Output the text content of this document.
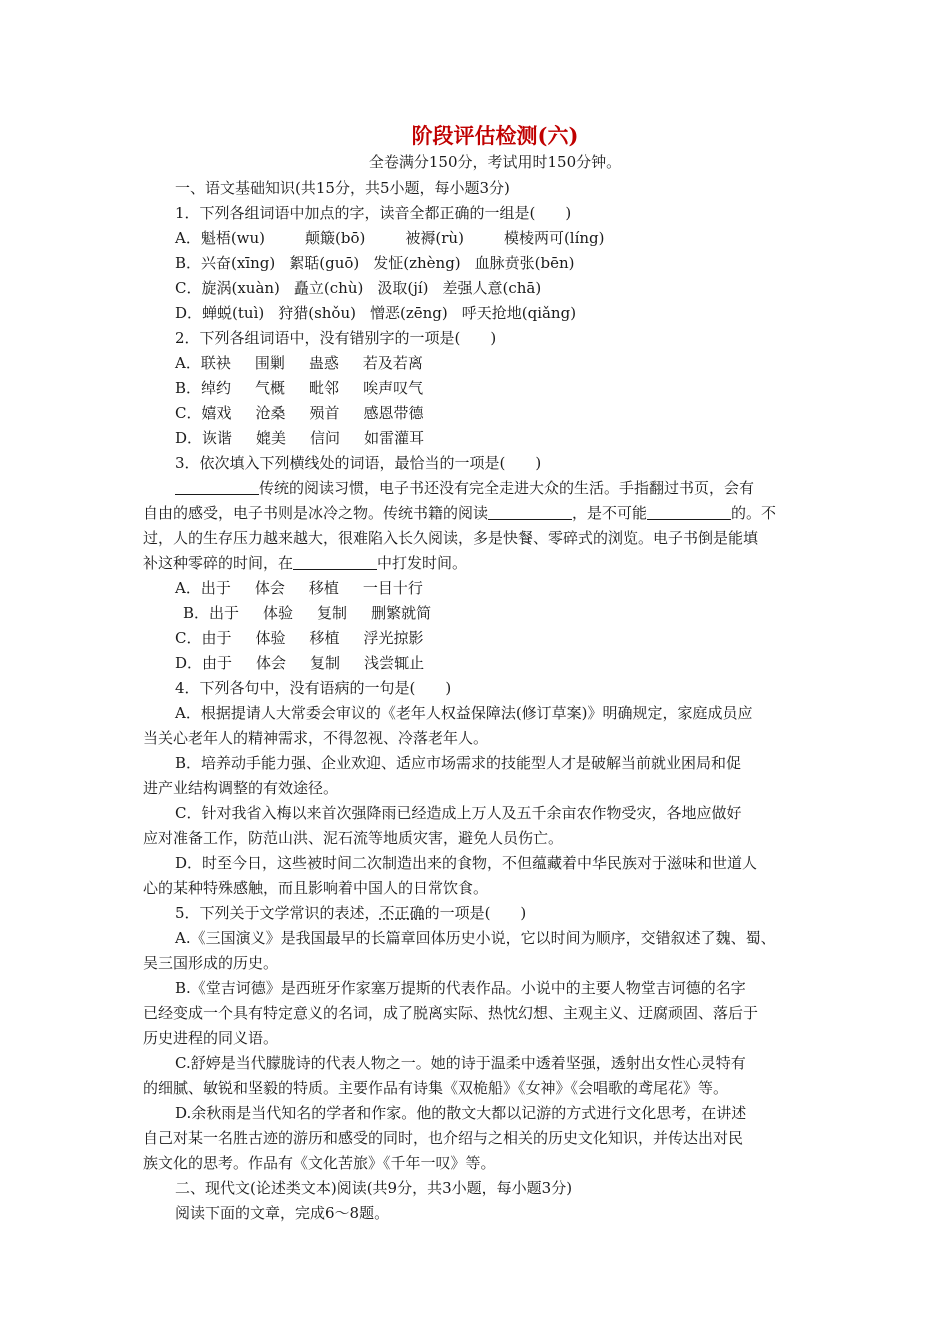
阶段评估检测(六)
全卷满分150分，考试用时150分钟。
一、语文基础知识(共15分，共5小题，每小题3分)
1．下列各组词语中加点的字，读音全都正确的一组是(　　)
A．魁梧(wu)	颠簸(bō)	被褥(rù)	模棱两可(líng)
B．兴奋(xīng) 絮聒(guō) 发怔(zhèng) 血脉贲张(bēn)
C．旋涡(xuàn) 矗立(chù) 汲取(jí) 差强人意(chā)
D．蝉蜕(tuì) 狩猎(shǒu) 憎恶(zēng) 呼天抢地(qiǎng)
2．下列各组词语中，没有错别字的一项是(　　)
A．联袂 围剿 蛊惑 若及若离
B．绰约 气概 毗邻 唉声叹气
C．嬉戏 沧桑 殒首 感恩带德
D．诙谐 媲美 信问 如雷灌耳
3．依次填入下列横线处的词语，最恰当的一项是(　　)
传统的阅读习惯，电子书还没有完全走进大众的生活。手指翻过书页，会有
自由的感受，电子书则是冰冷之物。传统书籍的阅读	，是不可能	的。不
过，人的生存压力越来越大，很难陷入长久阅读，多是快餐、零碎式的浏览。电子书倒是能填
补这种零碎的时间，在	中打发时间。
A．出于 体会 移植 一目十行
B．出于 体验 复制 删繁就简
C．由于 体验 移植 浮光掠影
D．由于 体会 复制 浅尝辄止
4．下列各句中，没有语病的一句是(　　)
A．根据提请人大常委会审议的《老年人权益保障法(修订草案)》明确规定，家庭成员应
当关心老年人的精神需求，不得忽视、冷落老年人。
B．培养动手能力强、企业欢迎、适应市场需求的技能型人才是破解当前就业困局和促
进产业结构调整的有效途径。
C．针对我省入梅以来首次强降雨已经造成上万人及五千余亩农作物受灾，各地应做好
应对准备工作，防范山洪、泥石流等地质灾害，避免人员伤亡。
D．时至今日，这些被时间二次制造出来的食物，不但蕴藏着中华民族对于滋味和世道人
心的某种特殊感触，而且影响着中国人的日常饮食。
5．下列关于文学常识的表述，不正确的一项是(　　)
A.《三国演义》是我国最早的长篇章回体历史小说，它以时间为顺序，交错叙述了魏、蜀、
吴三国形成的历史。
B.《堂吉诃德》是西班牙作家塞万提斯的代表作品。小说中的主要人物堂吉诃德的名字
已经变成一个具有特定意义的名词，成了脱离实际、热忱幻想、主观主义、迂腐顽固、落后于
历史进程的同义语。
C.舒婷是当代朦胧诗的代表人物之一。她的诗于温柔中透着坚强，透射出女性心灵特有
的细腻、敏锐和坚毅的特质。主要作品有诗集《双桅船》《女神》《会唱歌的鸢尾花》等。
D.余秋雨是当代知名的学者和作家。他的散文大都以记游的方式进行文化思考，在讲述
自己对某一名胜古迹的游历和感受的同时，也介绍与之相关的历史文化知识，并传达出对民
族文化的思考。作品有《文化苦旅》《千年一叹》等。
二、现代文(论述类文本)阅读(共9分，共3小题，每小题3分)
阅读下面的文章，完成6～8题。
